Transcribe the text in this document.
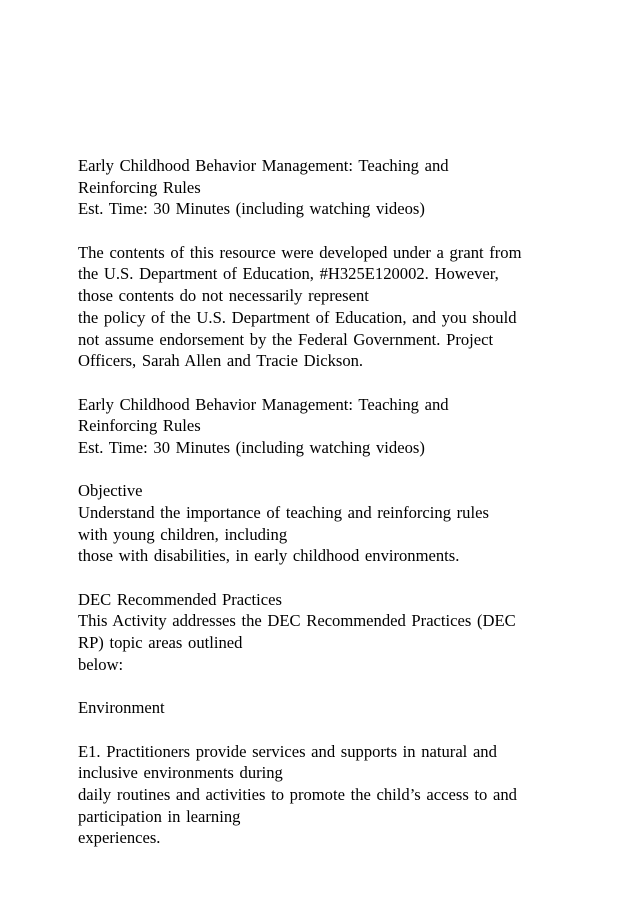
Early Childhood Behavior Management: Teaching and
Reinforcing Rules
Est. Time: 30 Minutes (including watching videos)
The contents of this resource were developed under a grant from
the U.S. Department of Education, #H325E120002. However,
those contents do not necessarily represent
the policy of the U.S. Department of Education, and you should
not assume endorsement by the Federal Government. Project
Officers, Sarah Allen and Tracie Dickson.
Early Childhood Behavior Management: Teaching and
Reinforcing Rules
Est. Time: 30 Minutes (including watching videos)
Objective
Understand the importance of teaching and reinforcing rules
with young children, including
those with disabilities, in early childhood environments.
DEC Recommended Practices
This Activity addresses the DEC Recommended Practices (DEC
RP) topic areas outlined
below:
Environment
E1. Practitioners provide services and supports in natural and
inclusive environments during
daily routines and activities to promote the child’s access to and
participation in learning
experiences.
